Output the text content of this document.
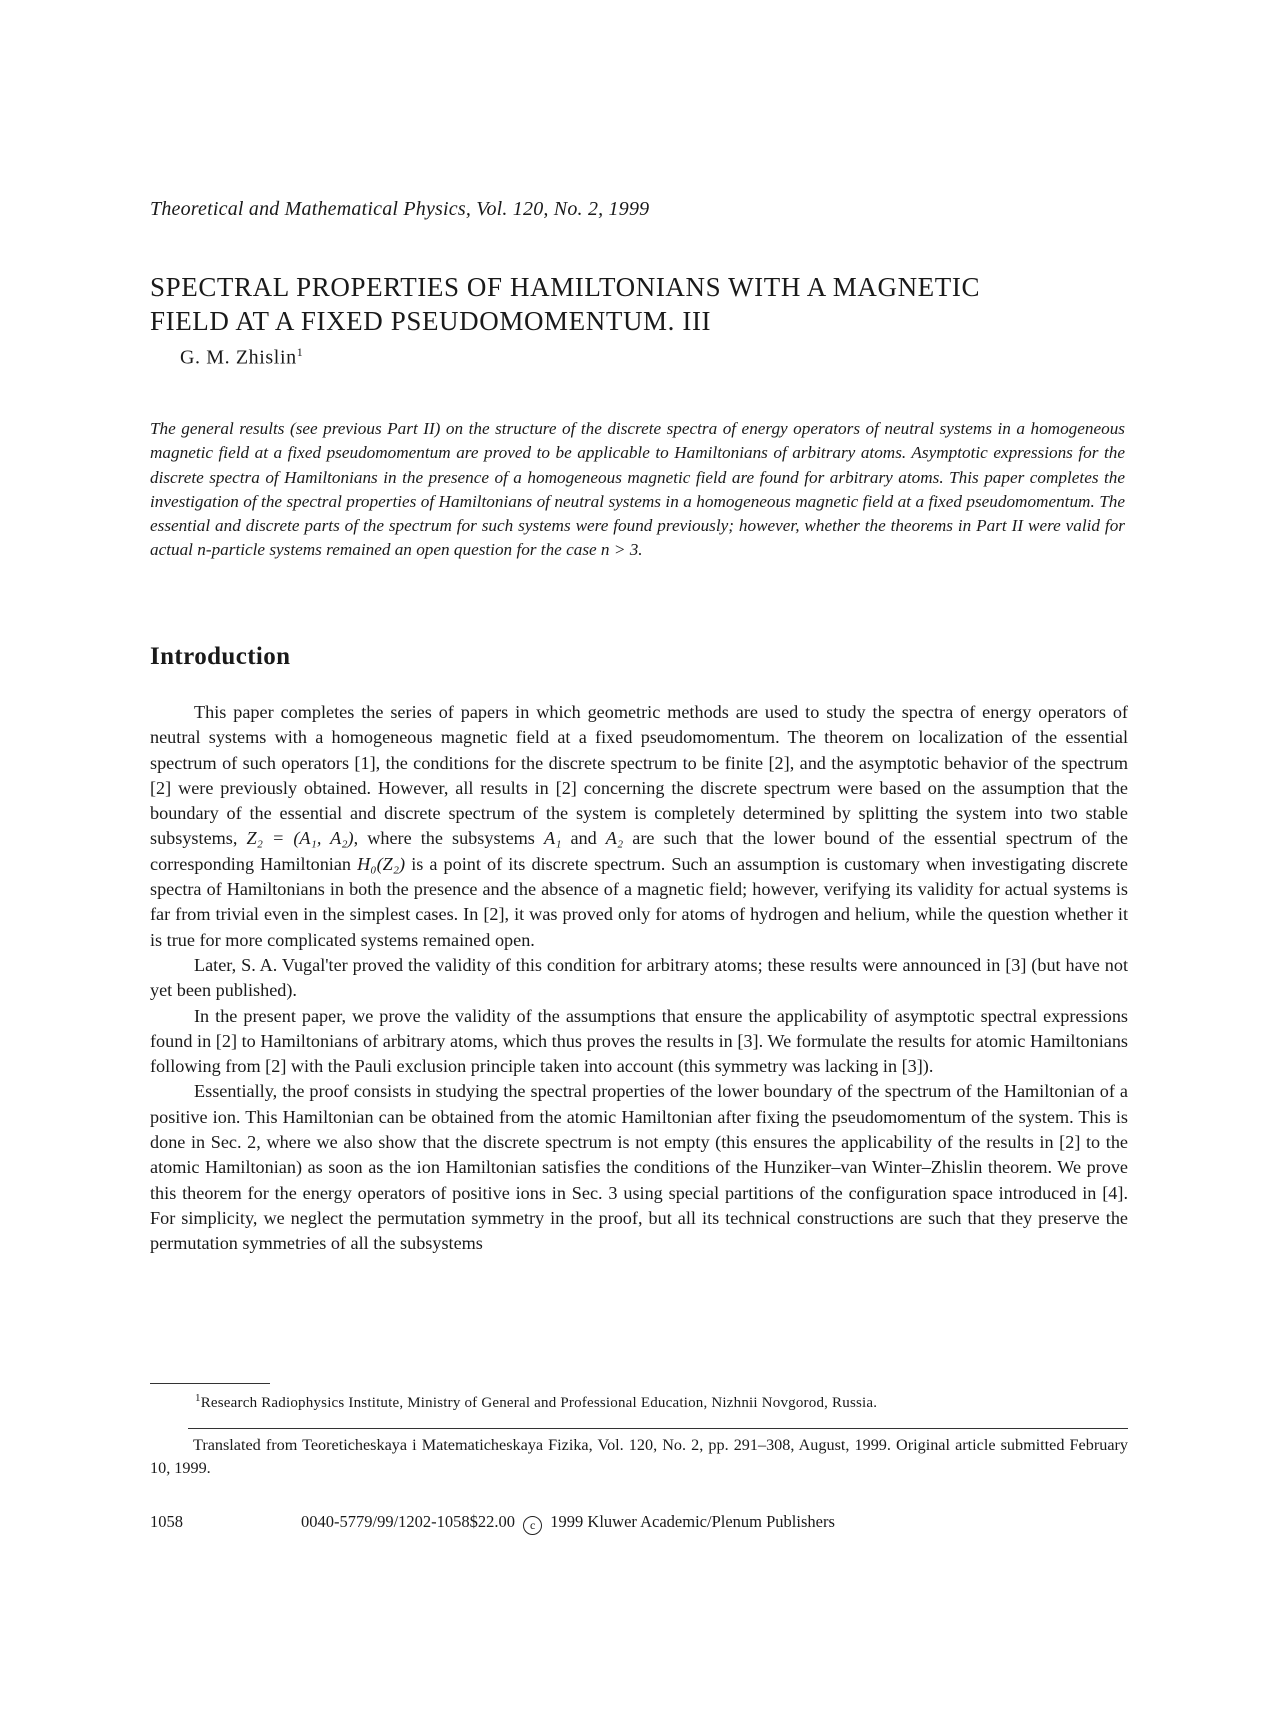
Theoretical and Mathematical Physics, Vol. 120, No. 2, 1999
SPECTRAL PROPERTIES OF HAMILTONIANS WITH A MAGNETIC
FIELD AT A FIXED PSEUDOMOMENTUM. III
G. M. Zhislin$^1$

The general results (see previous Part II) on the structure of the discrete spectra of energy operators of neutral systems in a homogeneous magnetic field at a fixed pseudomomentum are proved to be applicable to Hamiltonians of arbitrary atoms. Asymptotic expressions for the discrete spectra of Hamiltonians in the presence of a homogeneous magnetic field are found for arbitrary atoms. This paper completes the investigation of the spectral properties of Hamiltonians of neutral systems in a homogeneous magnetic field at a fixed pseudomomentum. The essential and discrete parts of the spectrum for such systems were found previously; however, whether the theorems in Part II were valid for actual n-particle systems remained an open question for the case n > 3.

Introduction

This paper completes the series of papers in which geometric methods are used to study the spectra of energy operators of neutral systems with a homogeneous magnetic field at a fixed pseudomomentum. The theorem on localization of the essential spectrum of such operators [1], the conditions for the discrete spectrum to be finite [2], and the asymptotic behavior of the spectrum [2] were previously obtained. However, all results in [2] concerning the discrete spectrum were based on the assumption that the boundary of the essential and discrete spectrum of the system is completely determined by splitting the system into two stable subsystems, Z₂ = (A₁, A₂), where the subsystems A₁ and A₂ are such that the lower bound of the essential spectrum of the corresponding Hamiltonian H₀(Z₂) is a point of its discrete spectrum. Such an assumption is customary when investigating discrete spectra of Hamiltonians in both the presence and the absence of a magnetic field; however, verifying its validity for actual systems is far from trivial even in the simplest cases. In [2], it was proved only for atoms of hydrogen and helium, while the question whether it is true for more complicated systems remained open.

Later, S. A. Vugal'ter proved the validity of this condition for arbitrary atoms; these results were announced in [3] (but have not yet been published).

In the present paper, we prove the validity of the assumptions that ensure the applicability of asymptotic spectral expressions found in [2] to Hamiltonians of arbitrary atoms, which thus proves the results in [3]. We formulate the results for atomic Hamiltonians following from [2] with the Pauli exclusion principle taken into account (this symmetry was lacking in [3]).

Essentially, the proof consists in studying the spectral properties of the lower boundary of the spectrum of the Hamiltonian of a positive ion. This Hamiltonian can be obtained from the atomic Hamiltonian after fixing the pseudomomentum of the system. This is done in Sec. 2, where we also show that the discrete spectrum is not empty (this ensures the applicability of the results in [2] to the atomic Hamiltonian) as soon as the ion Hamiltonian satisfies the conditions of the Hunziker–van Winter–Zhislin theorem. We prove this theorem for the energy operators of positive ions in Sec. 3 using special partitions of the configuration space introduced in [4]. For simplicity, we neglect the permutation symmetry in the proof, but all its technical constructions are such that they preserve the permutation symmetries of all the subsystems

$^1$Research Radiophysics Institute, Ministry of General and Professional Education, Nizhnii Novgorod, Russia.
Translated from Teoreticheskaya i Matematicheskaya Fizika, Vol. 120, No. 2, pp. 291–308, August, 1999. Original article submitted February 10, 1999.
1058	0040-5779/99/1202-1058$22.00 c 1999 Kluwer Academic/Plenum Publishers
